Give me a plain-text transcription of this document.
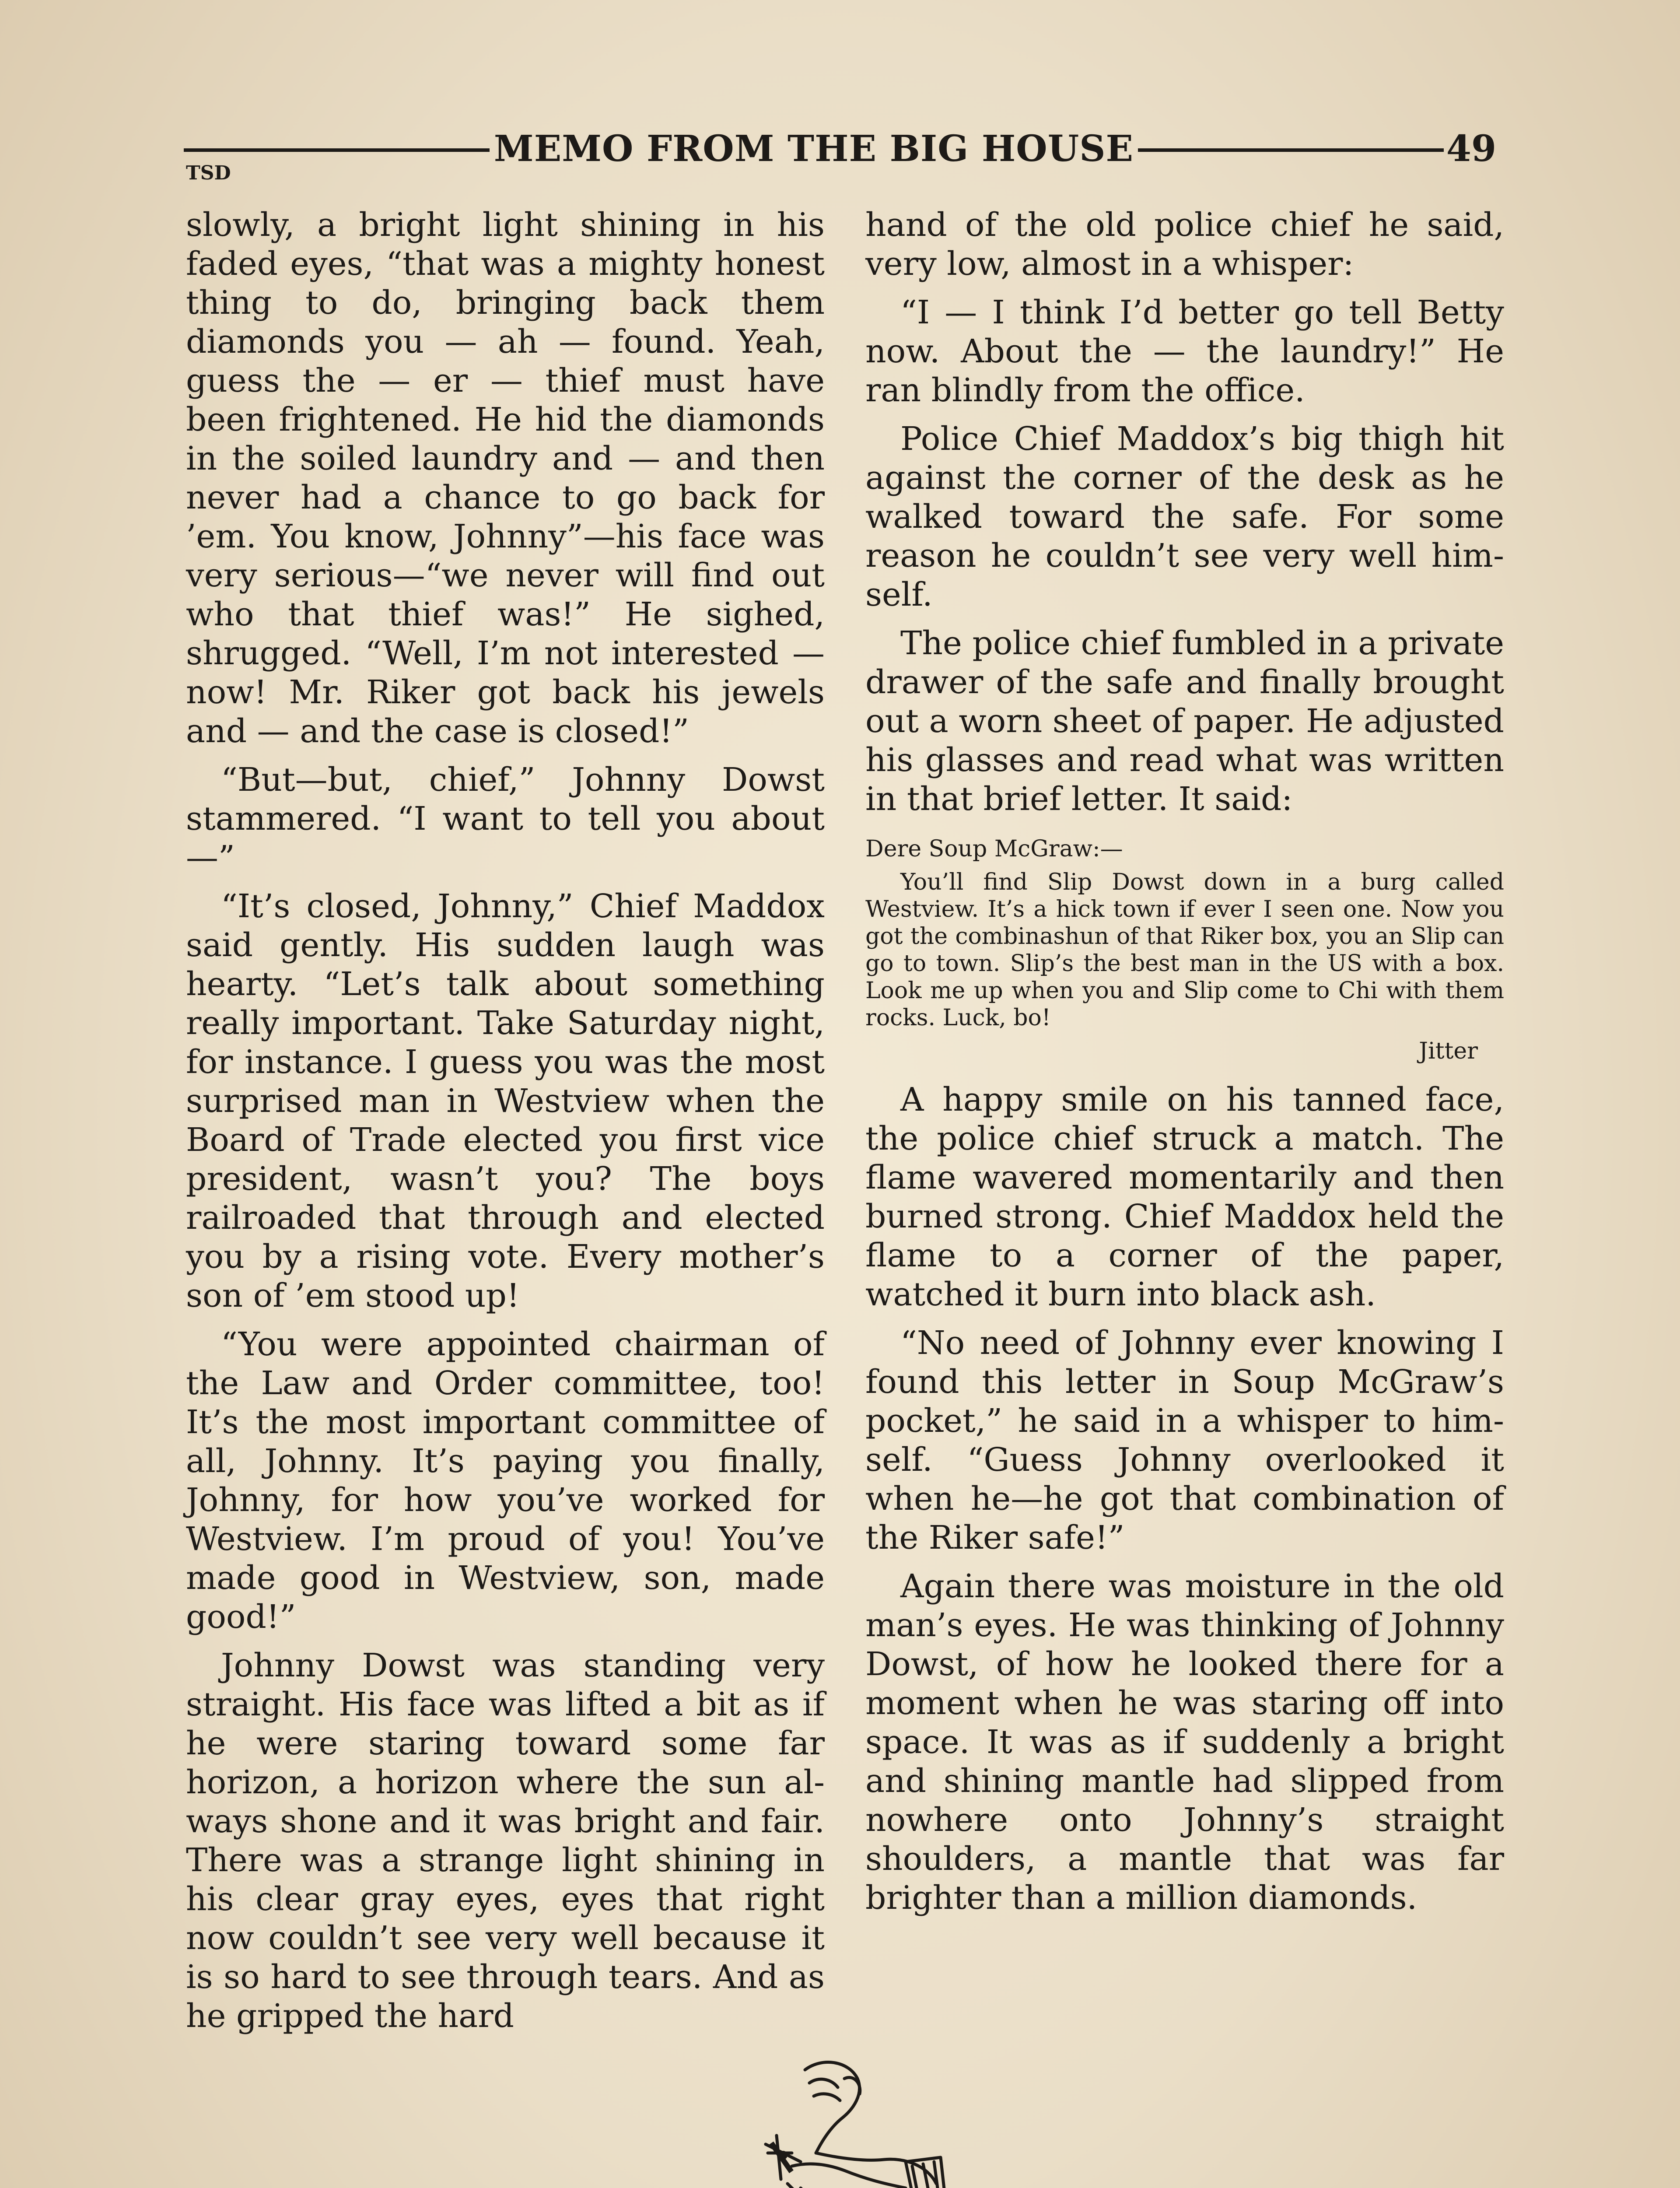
MEMO FROM THE BIG HOUSE	49
TSD

slowly, a bright light shining in his faded eyes, “that was a mighty honest thing to do, bringing back them diamonds you — ah — found. Yeah, guess the — er — thief must have been frightened. He hid the diamonds in the soiled laundry and — and then never had a chance to go back for ’em. You know, Johnny”—his face was very serious—“we never will find out who that thief was!” He sighed, shrugged. “Well, I’m not interested —now! Mr. Riker got back his jewels and — and the case is closed!”

“But—but, chief,” Johnny Dowst stammered. “I want to tell you about—”

“It’s closed, Johnny,” Chief Maddox said gently. His sudden laugh was hearty. “Let’s talk about something really important. Take Saturday night, for instance. I guess you was the most surprised man in Westview when the Board of Trade elected you first vice president, wasn’t you? The boys railroaded that through and elected you by a rising vote. Every mother’s son of ’em stood up!

“You were appointed chairman of the Law and Order committee, too! It’s the most important committee of all, Johnny. It’s paying you finally, Johnny, for how you’ve worked for Westview. I’m proud of you! You’ve made good in Westview, son, made good!”

Johnny Dowst was standing very straight. His face was lifted a bit as if he were staring toward some far horizon, a horizon where the sun always shone and it was bright and fair. There was a strange light shining in his clear gray eyes, eyes that right now couldn’t see very well because it is so hard to see through tears. And as he gripped the hard

hand of the old police chief he said, very low, almost in a whisper:

“I — I think I’d better go tell Betty now. About the — the laundry!” He ran blindly from the office.

Police Chief Maddox’s big thigh hit against the corner of the desk as he walked toward the safe. For some reason he couldn’t see very well himself.

The police chief fumbled in a private drawer of the safe and finally brought out a worn sheet of paper. He adjusted his glasses and read what was written in that brief letter. It said:

Dere Soup McGraw:—

You’ll find Slip Dowst down in a burg called Westview. It’s a hick town if ever I seen one. Now you got the combinashun of that Riker box, you an Slip can go to town. Slip’s the best man in the US with a box. Look me up when you and Slip come to Chi with them rocks. Luck, bo!

Jitter

A happy smile on his tanned face, the police chief struck a match. The flame wavered momentarily and then burned strong. Chief Maddox held the flame to a corner of the paper, watched it burn into black ash.

“No need of Johnny ever knowing I found this letter in Soup McGraw’s pocket,” he said in a whisper to himself. “Guess Johnny overlooked it when he—he got that combination of the Riker safe!”

Again there was moisture in the old man’s eyes. He was thinking of Johnny Dowst, of how he looked there for a moment when he was staring off into space. It was as if suddenly a bright and shining mantle had slipped from nowhere onto Johnny’s straight shoulders, a mantle that was far brighter than a million diamonds.
